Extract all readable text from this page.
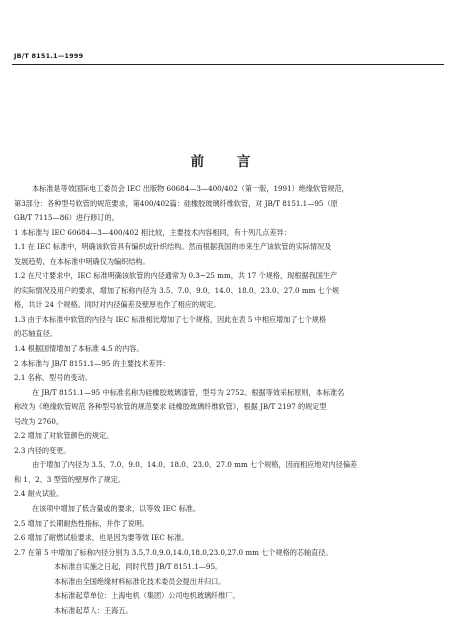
JB/T 8151.1—1999
前 言
本标准是等效国际电工委员会 IEC 出版物 60684—3—400/402（第一版，1991）绝缘软管规范，
第3部分：各种型号软管的规范要求，第400/402篇：硅橡胶玻璃纤维软管，对 JB/T 8151.1—95（原
GB/T 7115—86）进行修订的。
1 本标准与 IEC 60684—3—400/402 相比较，主要技术内容相同，有十列几点差异：
1.1 在 IEC 标准中，明确该软管具有编织或针织结构。然而根据我国的市来生产该软管的实际情况及
发展趋势，在本标准中明确仅为编织结构。
1.2 在尺寸要求中，IEC 标准明确该软管的内径通常为 0.3~25 mm，共 17 个规格，现根据我国生产
的实际情况及用户的要求，增加了标称内径为 3.5、7.0、9.0、14.0、18.0、23.0、27.0 mm 七个规
格，共计 24 个规格。同时对内径偏差及壁厚也作了相应的规定。
1.3 由于本标准中软管的内径与 IEC 标准相比增加了七个规格，因此在表 5 中相应增加了七个规格
的芯轴直径。
1.4 根据国情增加了本标准 4.5 的内容。
2 本标准与 JB/T 8151.1—95 的主要技术差异：
2.1 名称、型号的变动。
在 JB/T 8151.1—95 中标准名称为硅橡胶玻璃漆管，型号为 2752。根据等效采标原则，本标准名
称改为《绝缘软管规范 各种型号软管的规范要求 硅橡胶玻璃纤维软管》，根据 JB/T 2197 的规定型
号改为 2760。
2.2 增加了对软管颜色的规定。
2.3 内径的变更。
由于增加了内径为 3.5、7.0、9.0、14.0、18.0、23.0、27.0 mm 七个规格，因而相应地对内径偏差
和 1、2、3 型管的壁厚作了规定。
2.4 耐火试验。
在该项中增加了低含量或的要求，以等效 IEC 标准。
2.5 增加了长期耐热性指标，并作了说明。
2.6 增加了耐燃试验要求，也是因为要等效 IEC 标准。
2.7 在第 5 中增加了标称内径分别为 3.5,7.0,9.0,14.0,18.0,23.0,27.0 mm 七个规格的芯轴直径。
本标准自实施之日起，同时代替 JB/T 8151.1—95。
本标准由全国绝缘材料标准化技术委员会提出并归口。
本标准起草单位：上海电机（集团）公司电机玻璃纤维厂。
本标准起草人：王海五。
